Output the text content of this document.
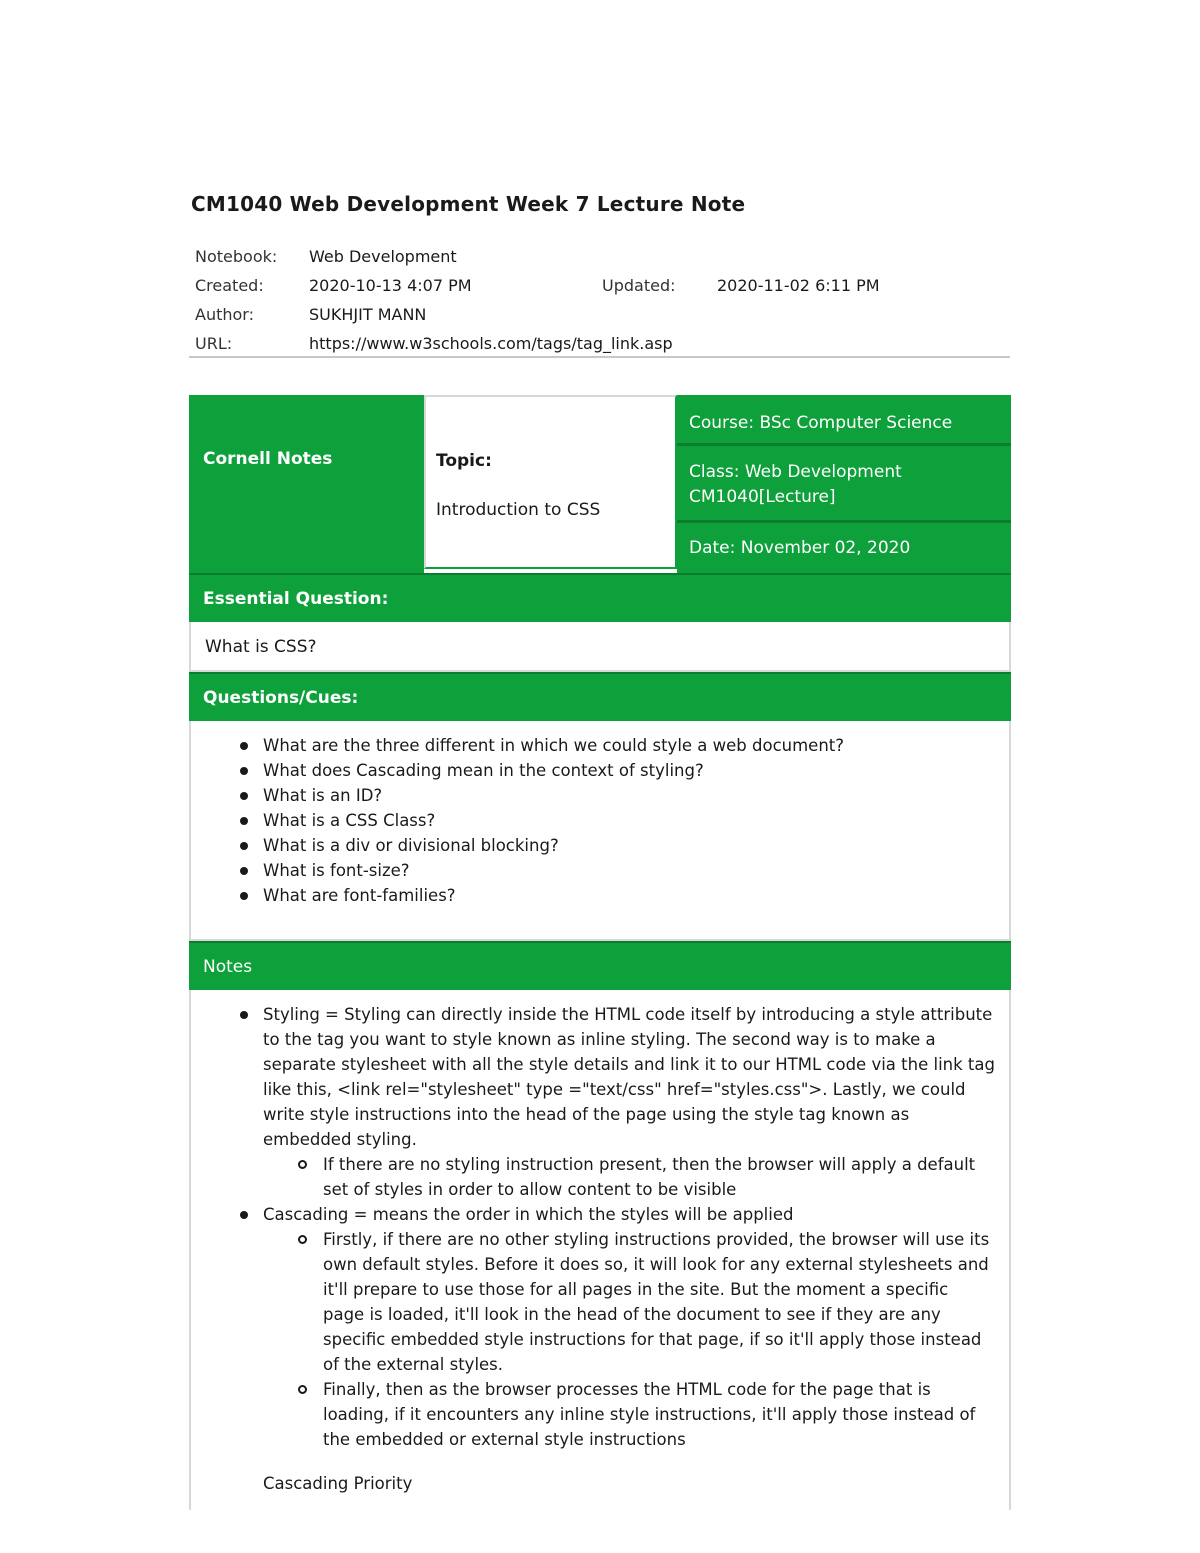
CM1040 Web Development Week 7 Lecture Note
Notebook: Web Development
Created:	2020-10-13 4:07 PM	Updated:	2020-11-02 6:11 PM
Author:	SUKHJIT MANN
URL:	https://www.w3schools.com/tags/tag_link.asp
Cornell Notes	Topic:
Introduction to CSS
Course: BSc Computer Science
Class: Web Development CM1040[Lecture]
Date: November 02, 2020
Essential Question:
What is CSS?
Questions/Cues:
What are the three different in which we could style a web document?
What does Cascading mean in the context of styling?
What is an ID?
What is a CSS Class?
What is a div or divisional blocking?
What is font-size?
What are font-families?
Notes
Styling = Styling can directly inside the HTML code itself by introducing a style attribute to the tag you want to style known as inline styling. The second way is to make a separate stylesheet with all the style details and link it to our HTML code via the link tag like this, <link rel="stylesheet" type ="text/css" href="styles.css">. Lastly, we could write style instructions into the head of the page using the style tag known as embedded styling.
If there are no styling instruction present, then the browser will apply a default set of styles in order to allow content to be visible
Cascading = means the order in which the styles will be applied
Firstly, if there are no other styling instructions provided, the browser will use its own default styles. Before it does so, it will look for any external stylesheets and it'll prepare to use those for all pages in the site. But the moment a specific page is loaded, it'll look in the head of the document to see if they are any specific embedded style instructions for that page, if so it'll apply those instead of the external styles.
Finally, then as the browser processes the HTML code for the page that is loading, if it encounters any inline style instructions, it'll apply those instead of the embedded or external style instructions
Cascading Priority
